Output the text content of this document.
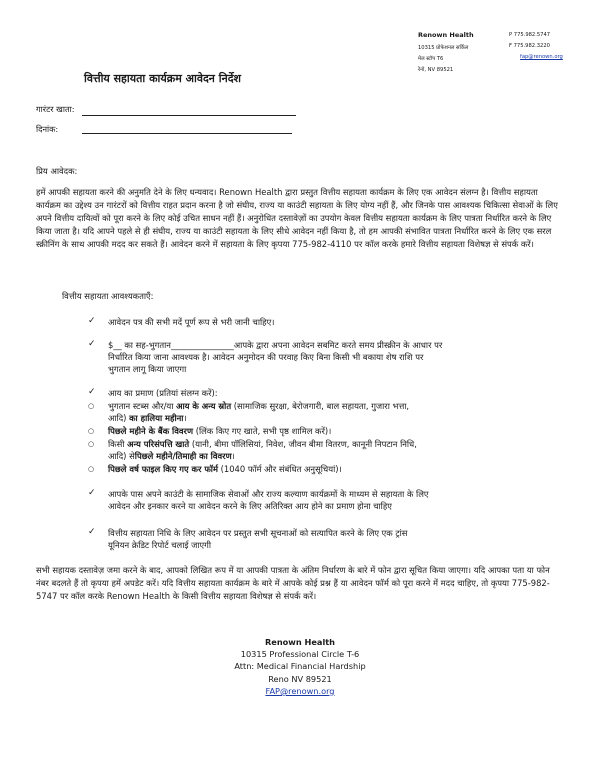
वित्तीय सहायता कार्यक्रम आवेदन निर्देश
Renown Health
10315 प्रोफेशनल सर्किल
मेल स्टॉप T6
रेनो, NV 89521
P 775.982.5747
F 775.982.3220
fap@renown.org
गारंटर खाता:
दिनांक:
प्रिय आवेदक:
हमें आपकी सहायता करने की अनुमति देने के लिए धन्यवाद। Renown Health द्वारा प्रस्तुत वित्तीय सहायता कार्यक्रम के लिए एक आवेदन संलग्न है। वित्तीय सहायता कार्यक्रम का उद्देश्य उन गारंटरों को वित्तीय राहत प्रदान करना है जो संघीय, राज्य या काउंटी सहायता के लिए योग्य नहीं हैं, और जिनके पास आवश्यक चिकित्सा सेवाओं के लिए अपने वित्तीय दायित्वों को पूरा करने के लिए कोई उचित साधन नहीं हैं। अनुरोधित दस्तावेज़ों का उपयोग केवल वित्तीय सहायता कार्यक्रम के लिए पात्रता निर्धारित करने के लिए किया जाता है। यदि आपने पहले से ही संघीय, राज्य या काउंटी सहायता के लिए सीधे आवेदन नहीं किया है, तो हम आपकी संभावित पात्रता निर्धारित करने के लिए एक सरल स्क्रीनिंग के साथ आपकी मदद कर सकते हैं। आवेदन करने में सहायता के लिए कृपया 775-982-4110 पर कॉल करके हमारे वित्तीय सहायता विशेषज्ञ से संपर्क करें।
वित्तीय सहायता आवश्यकताएँ:
✓ आवेदन पत्र की सभी मदें पूर्ण रूप से भरी जानी चाहिए।
✓ $__ का सह-भुगतान_______________आपके द्वारा अपना आवेदन सबमिट करते समय प्रीस्क्रीन के आधार पर
निर्धारित किया जाना आवश्यक है। आवेदन अनुमोदन की परवाह किए बिना किसी भी बकाया शेष राशि पर
भुगतान लागू किया जाएगा
✓ आय का प्रमाण (प्रतियां संलग्न करें):
○ भुगतान स्टब्स और/या आय के अन्य स्रोत (सामाजिक सुरक्षा, बेरोजगारी, बाल सहायता, गुजारा भत्ता,
आदि) का हालिया महीना।
○ पिछले महीने के बैंक विवरण (लिंक किए गए खाते, सभी पृष्ठ शामिल करें)।
○ किसी अन्य परिसंपत्ति खाते (यानी, बीमा पॉलिसियां, निवेश, जीवन बीमा वितरण, कानूनी निपटान निधि,
आदि) सेपिछले महीने/तिमाही का विवरण।
○ पिछले वर्ष फाइल किए गए कर फॉर्म (1040 फॉर्म और संबंधित अनुसूचियां)।
✓ आपके पास अपने काउंटी के सामाजिक सेवाओं और राज्य कल्याण कार्यक्रमों के माध्यम से सहायता के लिए
आवेदन और इनकार करने या आवेदन करने के लिए अतिरिक्त आय होने का प्रमाण होना चाहिए
✓ वित्तीय सहायता निधि के लिए आवेदन पर प्रस्तुत सभी सूचनाओं को सत्यापित करने के लिए एक ट्रांस
यूनियन क्रेडिट रिपोर्ट चलाई जाएगी
सभी सहायक दस्तावेज़ जमा करने के बाद, आपको लिखित रूप में या आपकी पात्रता के अंतिम निर्धारण के बारे में फोन द्वारा सूचित किया जाएगा। यदि आपका पता या फोन नंबर बदलते हैं तो कृपया हमें अपडेट करें। यदि वित्तीय सहायता कार्यक्रम के बारे में आपके कोई प्रश्न हैं या आवेदन फॉर्म को पूरा करने में मदद चाहिए, तो कृपया 775-982-5747 पर कॉल करके Renown Health के किसी वित्तीय सहायता विशेषज्ञ से संपर्क करें।
Renown Health
10315 Professional Circle T-6
Attn: Medical Financial Hardship
Reno NV 89521
FAP@renown.org
